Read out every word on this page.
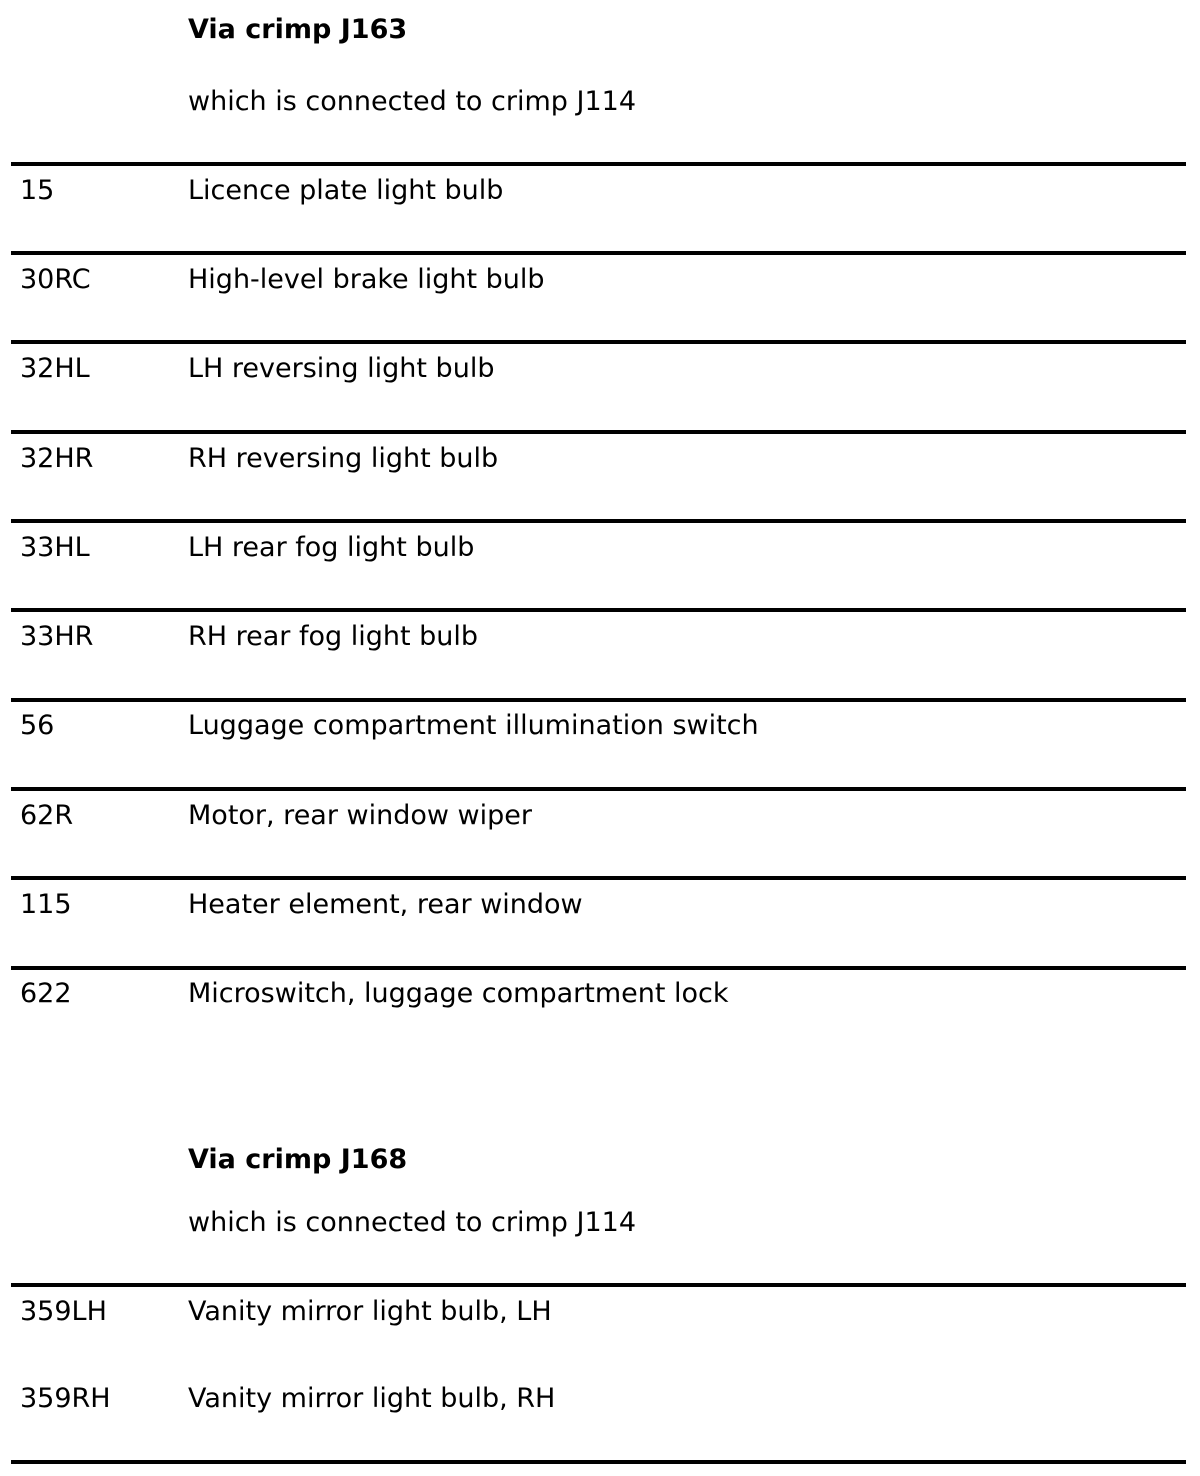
Via crimp J163
which is connected to crimp J114
15	Licence plate light bulb
30RC	High-level brake light bulb
32HL	LH reversing light bulb
32HR	RH reversing light bulb
33HL	LH rear fog light bulb
33HR	RH rear fog light bulb
56	Luggage compartment illumination switch
62R	Motor, rear window wiper
115	Heater element, rear window
622	Microswitch, luggage compartment lock
Via crimp J168
which is connected to crimp J114
359LH	Vanity mirror light bulb, LH
359RH	Vanity mirror light bulb, RH
